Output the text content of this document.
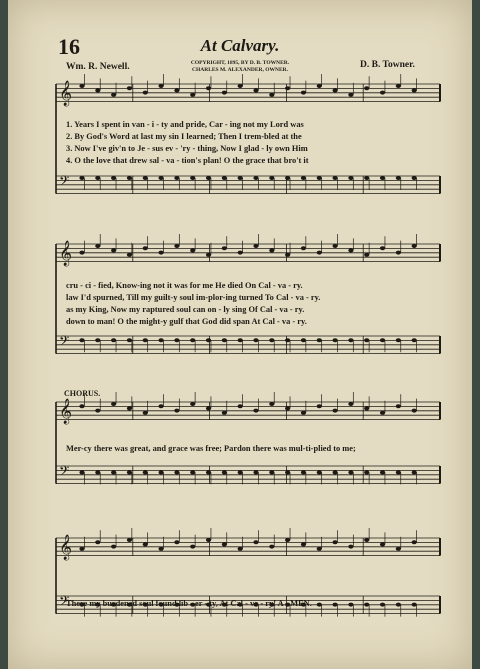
16	At Calvary.
Wm. R. Newell.	COPYRIGHT, 1895, BY D. B. TOWNER.
CHARLES M. ALEXANDER, OWNER.	D. B. Towner.
𝄞
𝄢
𝄞
𝄢
𝄞
𝄢
𝄞
𝄢
1. Years I spent in van - i - ty and pride, Car - ing not my Lord was
2. By God's Word at last my sin I learned; Then I trem-bled at the
3. Now I've giv'n to Je - sus ev - 'ry - thing, Now I glad - ly own Him
4. O the love that drew sal - va - tion's plan! O the grace that bro't it
cru - ci - fied, Know-ing not it was for me He died On Cal - va - ry.
law I'd spurned, Till my guilt-y soul im-plor-ing turned To Cal - va - ry.
as my King, Now my raptured soul can on - ly sing Of Cal - va - ry.
down to man! O the might-y gulf that God did span At Cal - va - ry.
CHORUS.
Mer-cy there was great, and grace was free; Pardon there was mul-ti-plied to me;
There my burdened soul found lib - er - ty, At Cal - va - ry! A - MEN.
